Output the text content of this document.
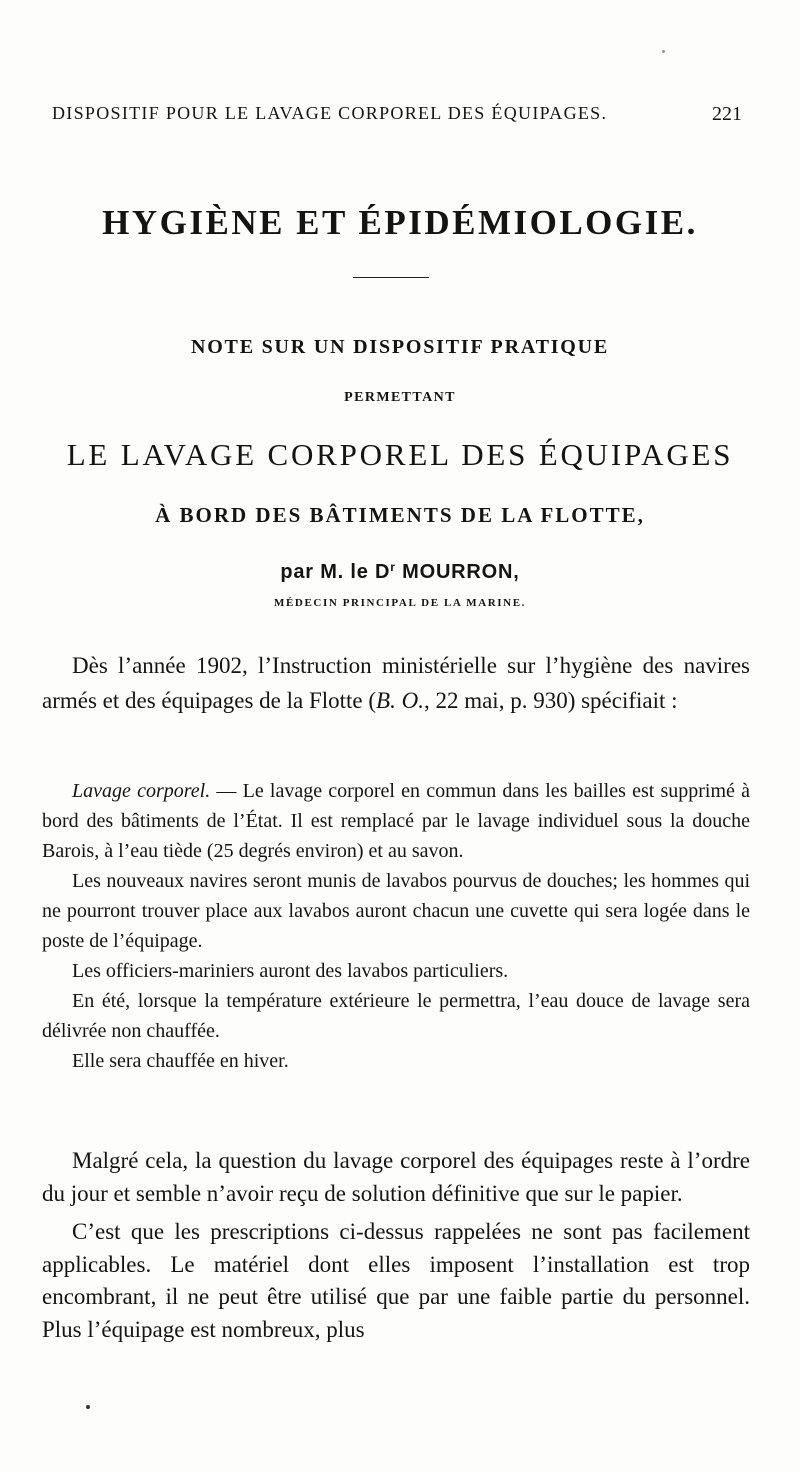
DISPOSITIF POUR LE LAVAGE CORPOREL DES ÉQUIPAGES.	221
HYGIÈNE ET ÉPIDÉMIOLOGIE.
NOTE SUR UN DISPOSITIF PRATIQUE
PERMETTANT
LE LAVAGE CORPOREL DES ÉQUIPAGES
À BORD DES BÂTIMENTS DE LA FLOTTE,
par M. le $D^r$ MOURRON,
MÉDECIN PRINCIPAL DE LA MARINE.

Dès l’année 1902, l’Instruction ministérielle sur l’hygiène des navires armés et des équipages de la Flotte (B. O., 22 mai, p. 930) spécifiait :

Lavage corporel. — Le lavage corporel en commun dans les bailles est supprimé à bord des bâtiments de l’État. Il est remplacé par le lavage individuel sous la douche Barois, à l’eau tiède (25 degrés environ) et au savon.

Les nouveaux navires seront munis de lavabos pourvus de douches; les hommes qui ne pourront trouver place aux lavabos auront chacun une cuvette qui sera logée dans le poste de l’équipage.

Les officiers-mariniers auront des lavabos particuliers.

En été, lorsque la température extérieure le permettra, l’eau douce de lavage sera délivrée non chauffée.

Elle sera chauffée en hiver.

Malgré cela, la question du lavage corporel des équipages reste à l’ordre du jour et semble n’avoir reçu de solution définitive que sur le papier.

C’est que les prescriptions ci-dessus rappelées ne sont pas facilement applicables. Le matériel dont elles imposent l’installation est trop encombrant, il ne peut être utilisé que par une faible partie du personnel. Plus l’équipage est nombreux, plus
